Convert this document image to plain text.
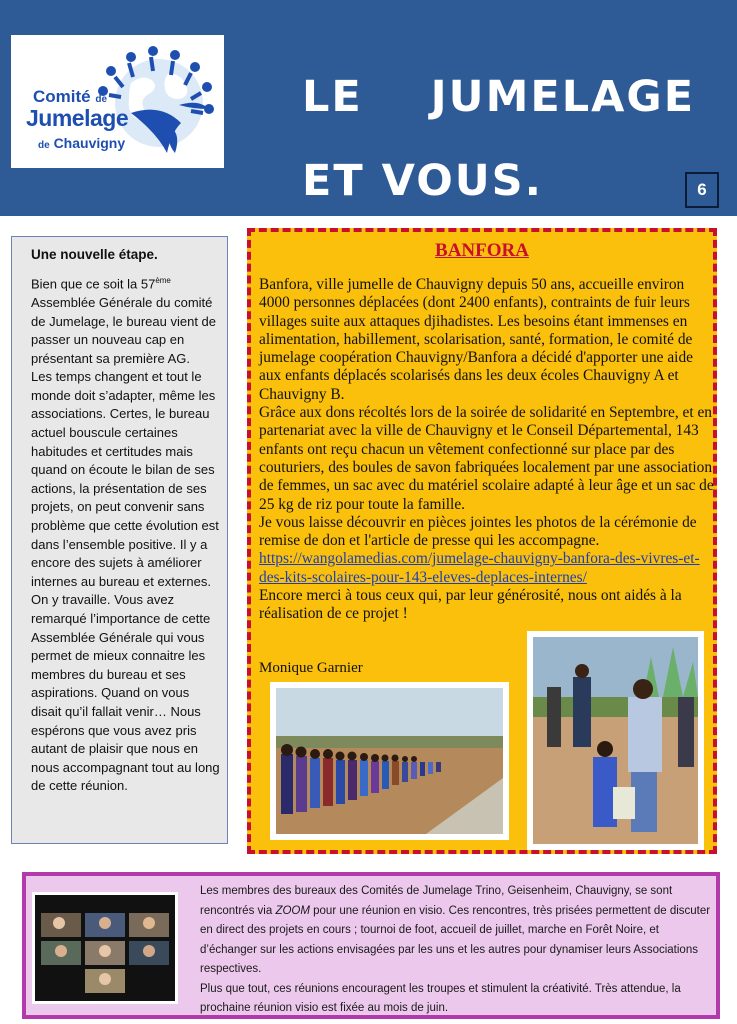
Comité de
Jumelage
de Chauvigny
LE    JUMELAGE
ET VOUS.	6
Une nouvelle étape.
Bien que ce soit la 57ème Assemblée Générale du comité de Jumelage, le bureau vient de passer un nouveau cap en présentant sa première AG.
Les temps changent et tout le monde doit s’adapter, même les associations. Certes, le bureau actuel bouscule certaines habitudes et certitudes mais quand on écoute le bilan de ses actions, la présentation de ses projets, on peut convenir sans problème que cette évolution est dans l’ensemble positive. Il y a encore des sujets à améliorer internes au bureau et externes. On y travaille. Vous avez remarqué l’importance de cette Assemblée Générale qui vous permet de mieux connaitre les membres du bureau et ses aspirations. Quand on vous disait qu’il fallait venir… Nous espérons que vous avez pris autant de plaisir que nous en nous accompagnant tout au long de cette réunion.
BANFORA

Banfora, ville jumelle de Chauvigny depuis 50 ans, accueille environ 4000 personnes déplacées (dont 2400 enfants), contraints de fuir leurs villages suite aux attaques djihadistes. Les besoins étant immenses en alimentation, habillement, scolarisation, santé, formation, le comité de jumelage coopération Chauvigny/Banfora a décidé d'apporter une aide aux enfants déplacés scolarisés dans les deux écoles Chauvigny A et Chauvigny B.

Grâce aux dons récoltés lors de la soirée de solidarité en Septembre, et en partenariat avec la ville de Chauvigny et le Conseil Départemental, 143 enfants ont reçu chacun un vêtement confectionné sur place par des couturiers, des boules de savon fabriquées localement par une association de femmes, un sac avec du matériel scolaire adapté à leur âge et un sac de 25 kg de riz pour toute la famille.

Je vous laisse découvrir en pièces jointes les photos de la cérémonie de remise de don et l'article de presse qui les accompagne.

https://wangolamedias.com/jumelage-chauvigny-banfora-des-vivres-et-des-kits-scolaires-pour-143-eleves-deplaces-internes/

Encore merci à tous ceux qui, par leur générosité, nous ont aidés à la réalisation de ce projet !

Monique Garnier
Les membres des bureaux des Comités de Jumelage Trino, Geisenheim, Chauvigny, se sont rencontrés via ZOOM pour une réunion en visio. Ces rencontres, très prisées permettent de discuter en direct des projets en cours ; tournoi de foot, accueil de juillet, marche en Forêt Noire, et d’échanger sur les actions envisagées par les uns et les autres pour dynamiser leurs Associations respectives.
Plus que tout, ces réunions encouragent les troupes et stimulent la créativité. Très attendue, la prochaine réunion visio est fixée au mois de juin.
